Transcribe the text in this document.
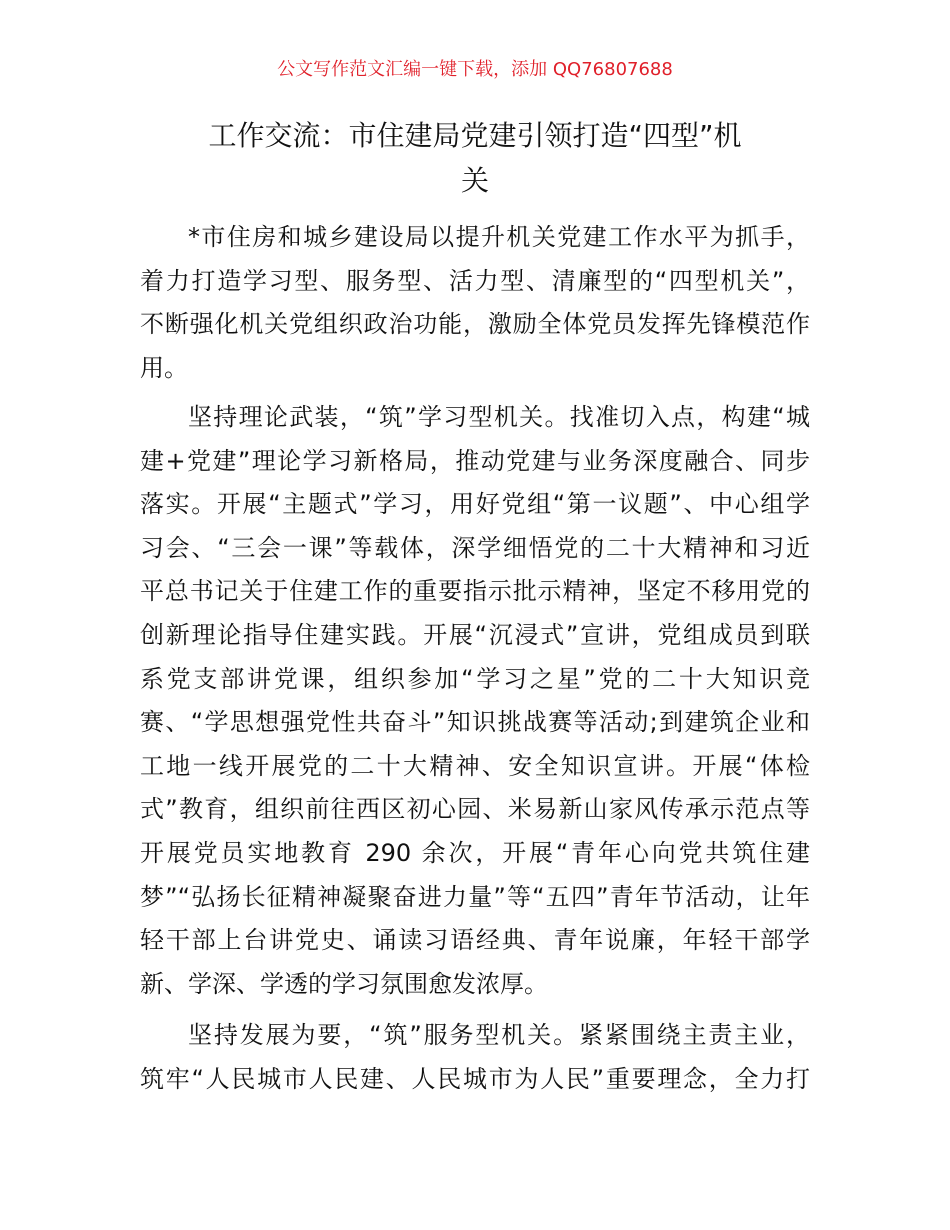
公文写作范文汇编一键下载，添加 QQ76807688
工作交流：市住建局党建引领打造“四型”机
关
*市住房和城乡建设局以提升机关党建工作水平为抓手，
着力打造学习型、服务型、活力型、清廉型的“四型机关”，
不断强化机关党组织政治功能，激励全体党员发挥先锋模范作
用。
坚持理论武装，“筑”学习型机关。找准切入点，构建“城
建+党建”理论学习新格局，推动党建与业务深度融合、同步
落实。开展“主题式”学习，用好党组“第一议题”、中心组学
习会、“三会一课”等载体，深学细悟党的二十大精神和习近
平总书记关于住建工作的重要指示批示精神，坚定不移用党的
创新理论指导住建实践。开展“沉浸式”宣讲，党组成员到联
系党支部讲党课，组织参加“学习之星”党的二十大知识竞
赛、“学思想强党性共奋斗”知识挑战赛等活动;到建筑企业和
工地一线开展党的二十大精神、安全知识宣讲。开展“体检
式”教育，组织前往西区初心园、米易新山家风传承示范点等
开展党员实地教育 290 余次，开展“青年心向党共筑住建
梦”“弘扬长征精神凝聚奋进力量”等“五四”青年节活动，让年
轻干部上台讲党史、诵读习语经典、青年说廉，年轻干部学
新、学深、学透的学习氛围愈发浓厚。
坚持发展为要，“筑”服务型机关。紧紧围绕主责主业，
筑牢“人民城市人民建、人民城市为人民”重要理念，全力打
